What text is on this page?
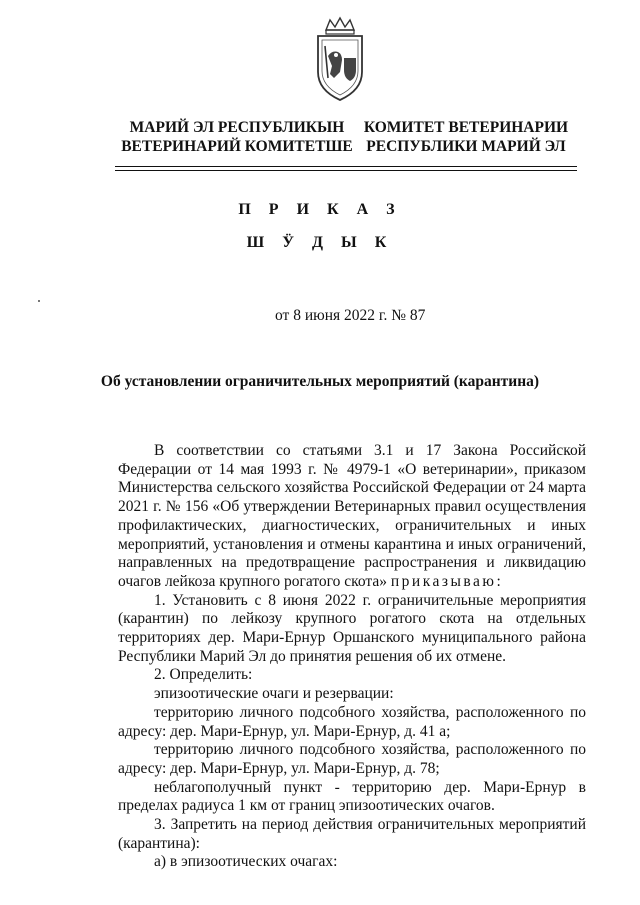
МАРИЙ ЭЛ РЕСПУБЛИКЫН
ВЕТЕРИНАРИЙ КОМИТЕТШЕ
КОМИТЕТ ВЕТЕРИНАРИИ
РЕСПУБЛИКИ МАРИЙ ЭЛ
П Р И К А З
Ш Ӱ Д Ы К
от 8 июня 2022 г. № 87
Об установлении ограничительных мероприятий (карантина)

В соответствии со статьями 3.1 и 17 Закона Российской Федерации от 14 мая 1993 г. № 4979-1 «О ветеринарии», приказом Министерства сельского хозяйства Российской Федерации от 24 марта 2021 г. № 156 «Об утверждении Ветеринарных правил осуществления профилактических, диагностических, ограничительных и иных мероприятий, установления и отмены карантина и иных ограничений, направленных на предотвращение распространения и ликвидацию очагов лейкоза крупного рогатого скота» приказываю:

1. Установить с 8 июня 2022 г. ограничительные мероприятия (карантин) по лейкозу крупного рогатого скота на отдельных территориях дер. Мари-Ернур Оршанского муниципального района Республики Марий Эл до принятия решения об их отмене.

2. Определить:

эпизоотические очаги и резервации:

территорию личного подсобного хозяйства, расположенного по адресу: дер. Мари-Ернур, ул. Мари-Ернур, д. 41 а;

территорию личного подсобного хозяйства, расположенного по адресу: дер. Мари-Ернур, ул. Мари-Ернур, д. 78;

неблагополучный пункт - территорию дер. Мари-Ернур в пределах радиуса 1 км от границ эпизоотических очагов.

3. Запретить на период действия ограничительных мероприятий (карантина):

а) в эпизоотических очагах:
